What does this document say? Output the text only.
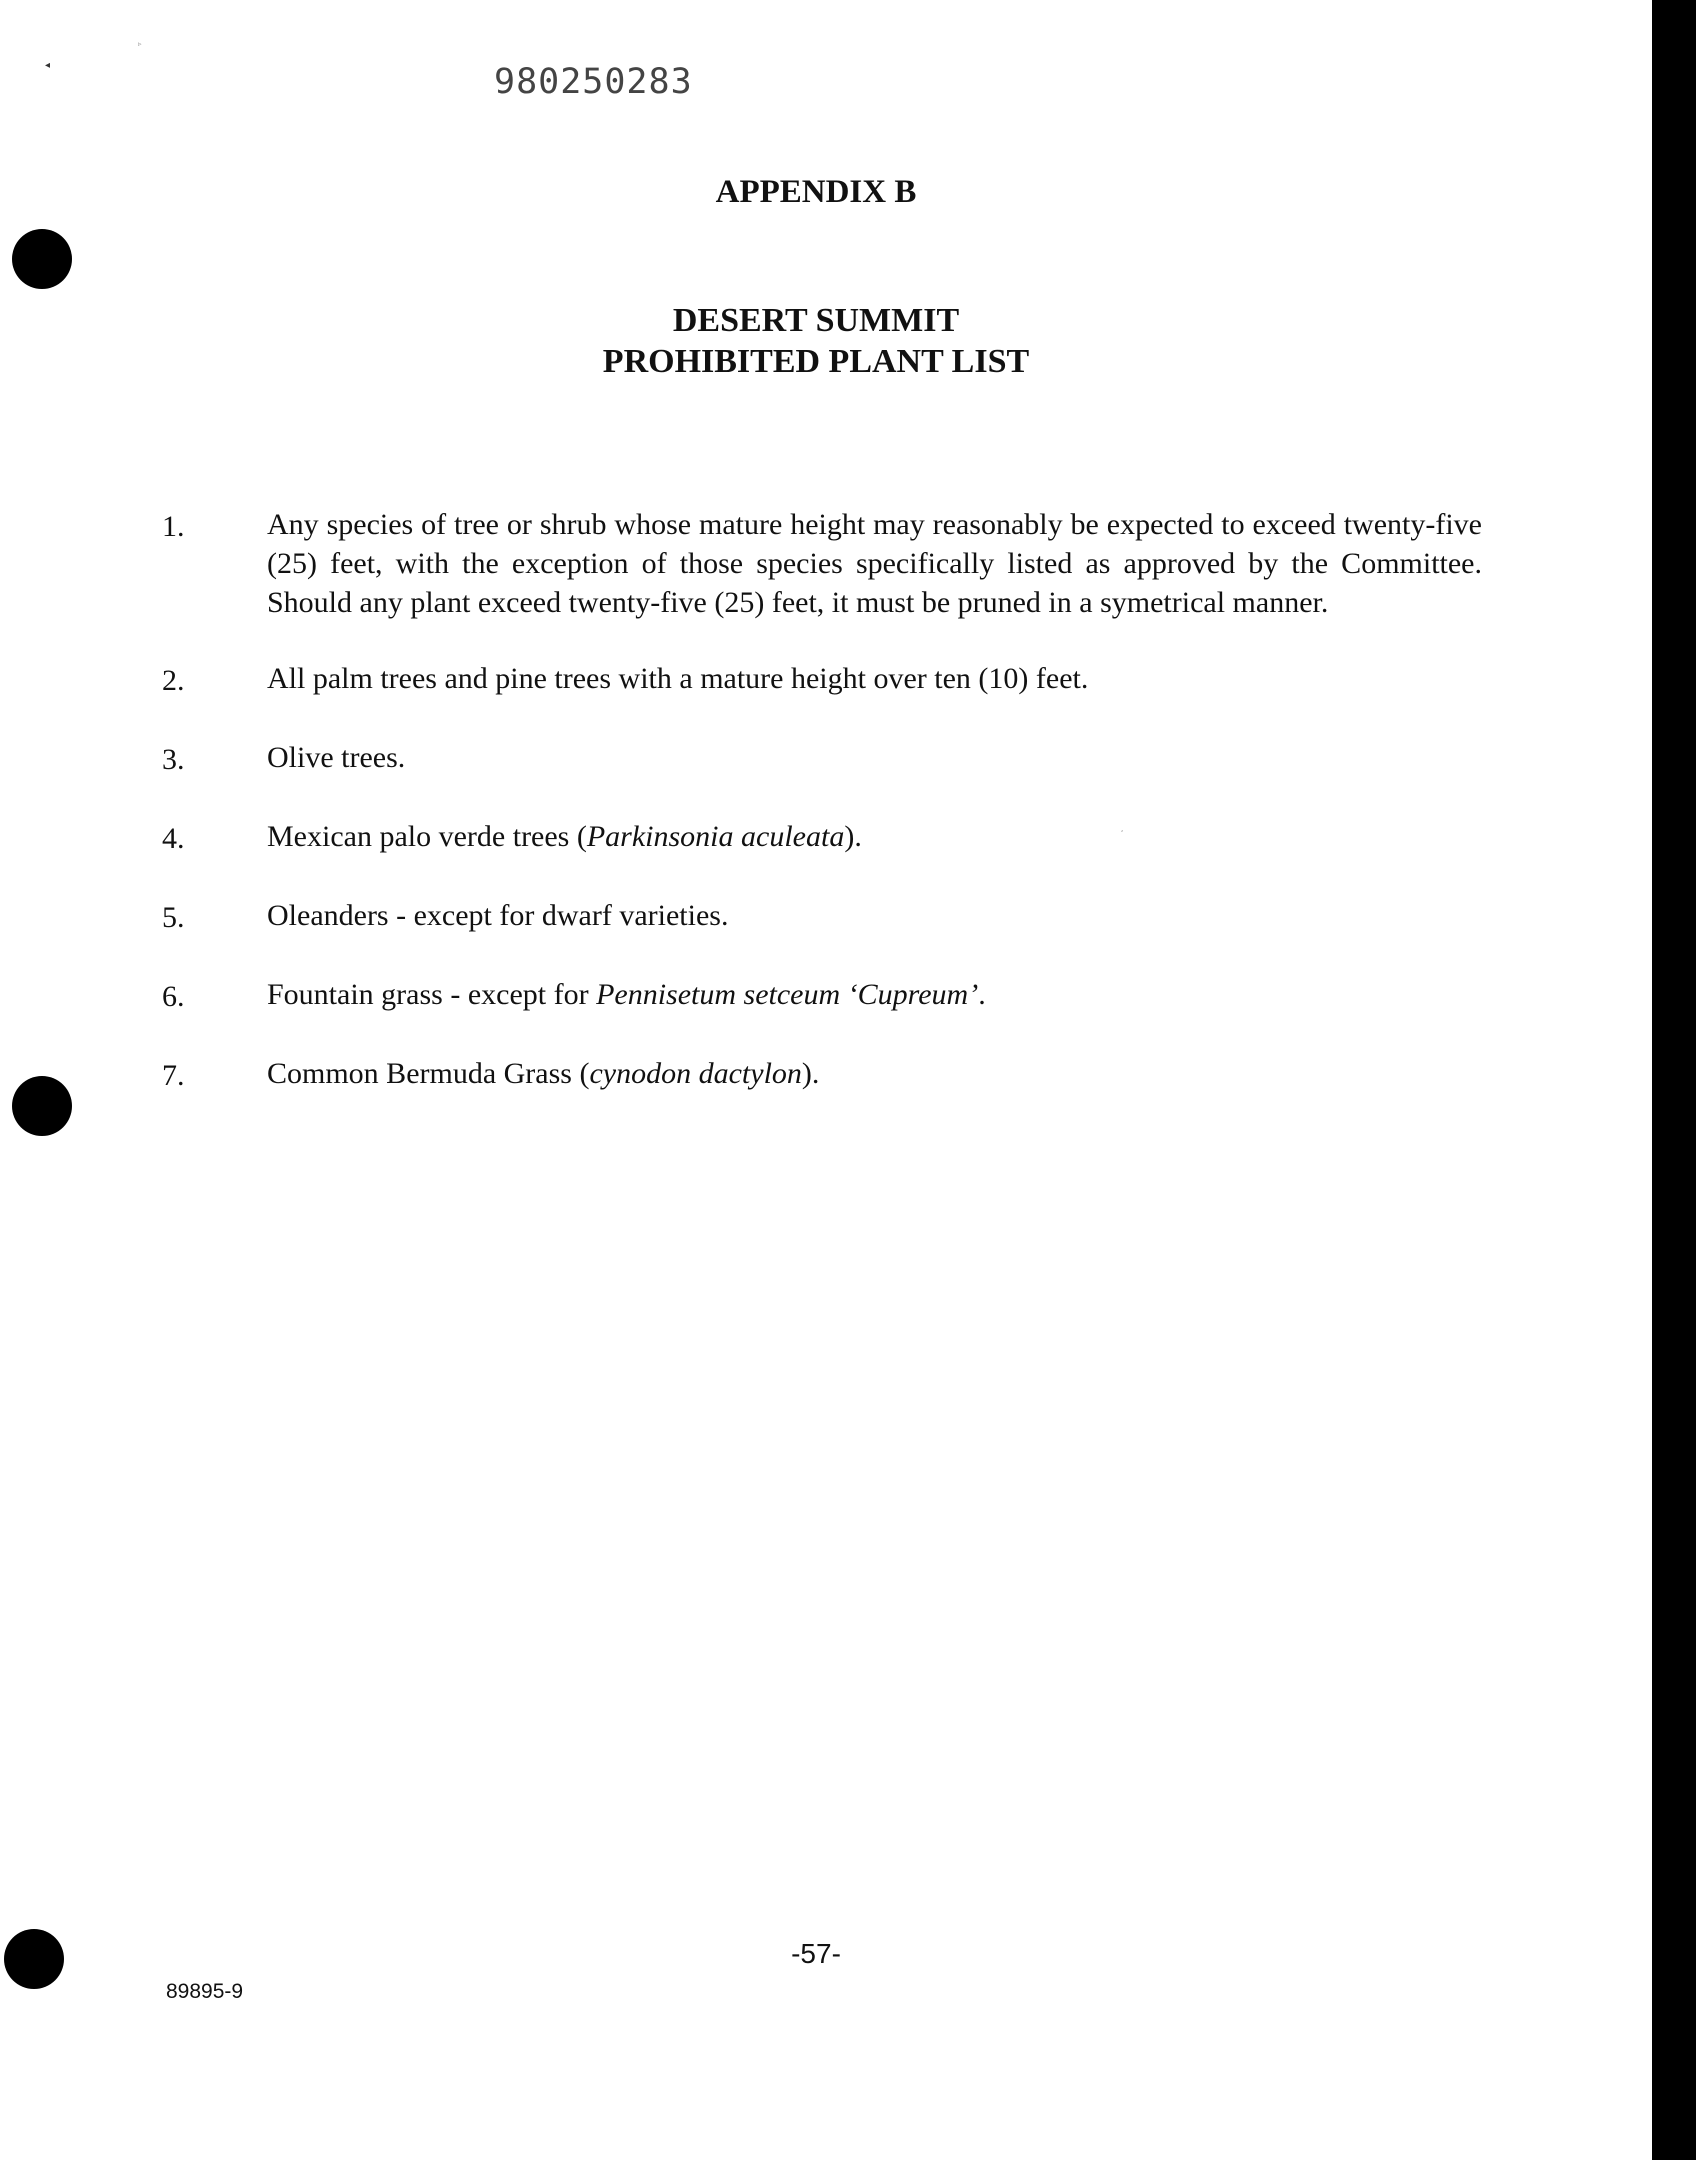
◂
▹
,
980250283
APPENDIX B
DESERT SUMMIT
PROHIBITED PLANT LIST
1.	Any species of tree or shrub whose mature height may reasonably be expected to exceed twenty-five (25) feet, with the exception of those species specifically listed as approved by the Committee. Should any plant exceed twenty-five (25) feet, it must be pruned in a symetrical manner.
2.	All palm trees and pine trees with a mature height over ten (10) feet.
3.	Olive trees.
4.	Mexican palo verde trees (Parkinsonia aculeata).
5.	Oleanders - except for dwarf varieties.
6.	Fountain grass - except for Pennisetum setceum ‘Cupreum’.
7.	Common Bermuda Grass (cynodon dactylon).
-57-
89895-9
